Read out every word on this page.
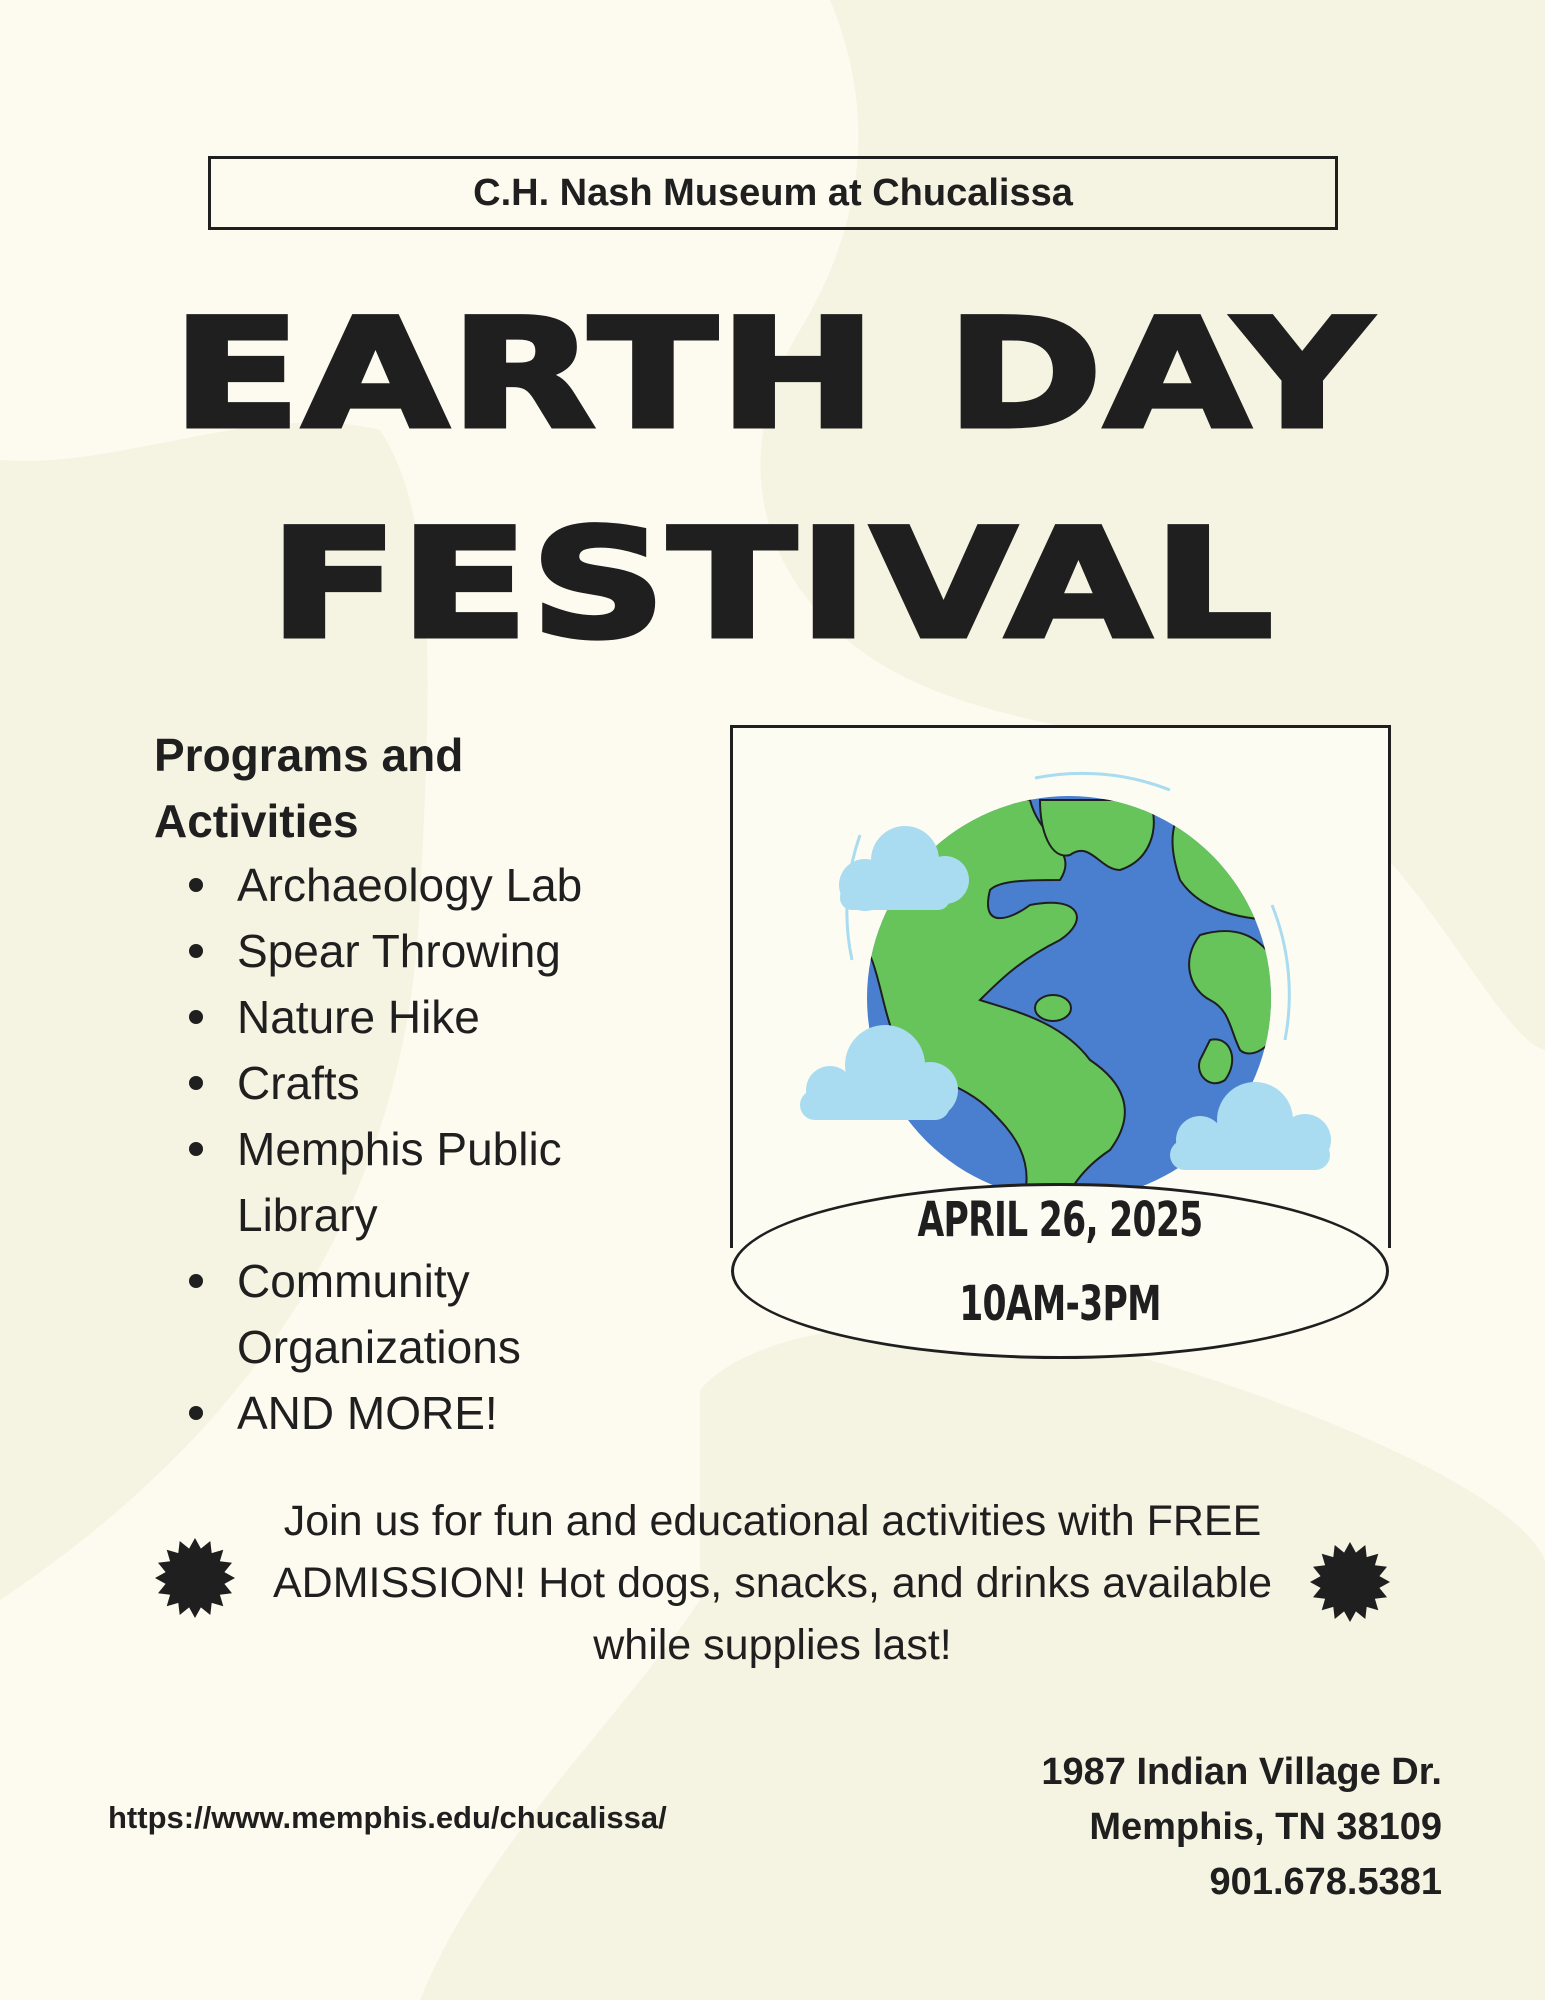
C.H. Nash Museum at Chucalissa
EARTH DAY
FESTIVAL
Programs and Activities
Archaeology Lab
Spear Throwing
Nature Hike
Crafts
Memphis Public Library
Community Organizations
AND MORE!
APRIL 26, 2025
10AM-3PM
Join us for fun and educational activities with FREE ADMISSION! Hot dogs, snacks, and drinks available while supplies last!
https://www.memphis.edu/chucalissa/
1987 Indian Village Dr.
Memphis, TN 38109
901.678.5381
